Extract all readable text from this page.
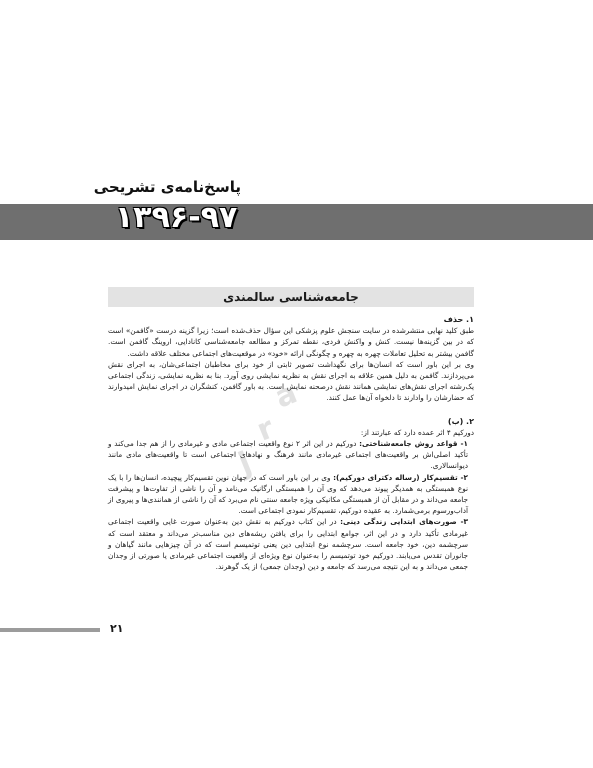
پاسخ‌نامه‌ی تشریحی
۱۳۹۶-۹۷
جامعه‌شناسی سالمندی

۱. حذف

طبق کلید نهایی منتشرشده در سایت سنجش علوم پزشکی این سؤال حذف‌شده است؛ زیرا گزینه درست «گافمن» است که در بین گزینه‌ها نیست. کنش و واکنش فردی، نقطه تمرکز و مطالعه جامعه‌شناسی کانادایی، اروینگ گافمن است. گافمن بیشتر به تحلیل تعاملات چهره به چهره و چگونگی ارائه «خود» در موقعیت‌های اجتماعی مختلف علاقه داشت.

وی بر این باور است که انسان‌ها برای نگهداشت تصویر ثابتی از خود برای مخاطبان اجتماعی‌شان، به اجرای نقش می‌پردازند. گافمن به دلیل همین علاقه به اجرای نقش به نظریه نمایشی روی آورد. بنا به نظریه نمایشی، زندگی اجتماعی یک‌رشته اجرای نقش‌های نمایشی همانند نقش درصحنه نمایش است. به باور گافمن، کنشگران در اجرای نمایش امیدوارند که حضارشان را وادارند تا دلخواه آن‌ها عمل کنند.

۲. (ب)

دورکیم ۴ اثر عمده دارد که عبارتند از:

۱- قواعد روش جامعه‌شناختی: دورکیم در این اثر ۲ نوع واقعیت اجتماعی مادی و غیرمادی را از هم جدا می‌کند و تأکید اصلی‌اش بر واقعیت‌های اجتماعی غیرمادی مانند فرهنگ و نهادهای اجتماعی است تا واقعیت‌های مادی مانند دیوانسالاری.

۲- تقسیم‌کار (رساله دکترای دورکیم): وی بر این باور است که در جهان نوین تقسیم‌کار پیچیده، انسان‌ها را با یک نوع همبستگی به همدیگر پیوند می‌دهد که وی آن را همبستگی ارگانیک می‌نامد و آن را ناشی از تفاوت‌ها و پیشرفت جامعه می‌داند و در مقابل آن از همبستگی مکانیکی ویژه جامعه سنتی نام می‌برد که آن را ناشی از همانندی‌ها و پیروی از آداب‌ورسوم برمی‌شمارد. به عقیده دورکیم، تقسیم‌کار نمودی اجتماعی است.

۳- صورت‌های ابتدایی زندگی دینی: در این کتاب دورکیم به نقش دین به‌عنوان صورت غایی واقعیت اجتماعی غیرمادی تأکید دارد و در این اثر، جوامع ابتدایی را برای یافتن ریشه‌های دین مناسب‌تر می‌داند و معتقد است که سرچشمه دین، خود جامعه است. سرچشمه نوع ابتدایی دین یعنی توتمیسم است که در آن چیزهایی مانند گیاهان و جانوران تقدس می‌یابند. دورکیم خود توتمیسم را به‌عنوان نوع ویژه‌ای از واقعیت اجتماعی غیرمادی یا صورتی از وجدان جمعی می‌داند و به این نتیجه می‌رسد که جامعه و دین (وجدان جمعی) از یک گوهرند.

a
r
j
۲۱
